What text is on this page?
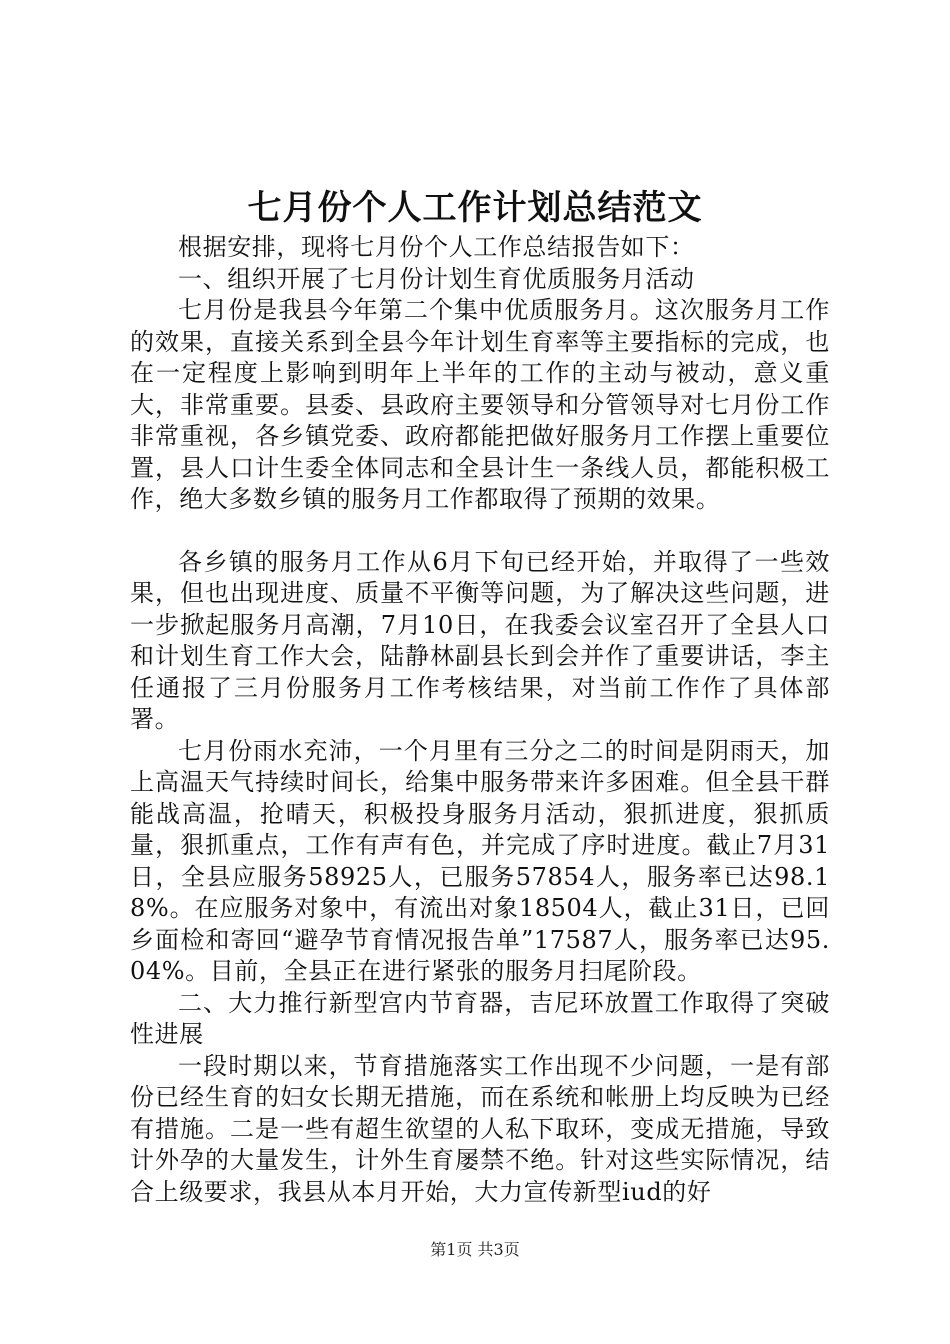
七月份个人工作计划总结范文

根据安排，现将七月份个人工作总结报告如下：

一、组织开展了七月份计划生育优质服务月活动

七月份是我县今年第二个集中优质服务月。这次服务月工作的效果，直接关系到全县今年计划生育率等主要指标的完成，也在一定程度上影响到明年上半年的工作的主动与被动，意义重大，非常重要。县委、县政府主要领导和分管领导对七月份工作非常重视，各乡镇党委、政府都能把做好服务月工作摆上重要位置，县人口计生委全体同志和全县计生一条线人员，都能积极工作，绝大多数乡镇的服务月工作都取得了预期的效果。

各乡镇的服务月工作从6月下旬已经开始，并取得了一些效果，但也出现进度、质量不平衡等问题，为了解决这些问题，进一步掀起服务月高潮，7月10日，在我委会议室召开了全县人口和计划生育工作大会，陆静林副县长到会并作了重要讲话，李主任通报了三月份服务月工作考核结果，对当前工作作了具体部署。

七月份雨水充沛，一个月里有三分之二的时间是阴雨天，加上高温天气持续时间长，给集中服务带来许多困难。但全县干群能战高温，抢晴天，积极投身服务月活动，狠抓进度，狠抓质量，狠抓重点，工作有声有色，并完成了序时进度。截止7月31日，全县应服务58925人，已服务57854人，服务率已达98.18%。在应服务对象中，有流出对象18504人，截止31日，已回乡面检和寄回“避孕节育情况报告单”17587人，服务率已达95.04%。目前，全县正在进行紧张的服务月扫尾阶段。

二、大力推行新型宫内节育器，吉尼环放置工作取得了突破性进展

一段时期以来，节育措施落实工作出现不少问题，一是有部份已经生育的妇女长期无措施，而在系统和帐册上均反映为已经有措施。二是一些有超生欲望的人私下取环，变成无措施，导致计外孕的大量发生，计外生育屡禁不绝。针对这些实际情况，结合上级要求，我县从本月开始，大力宣传新型iud的好

第1页 共3页
